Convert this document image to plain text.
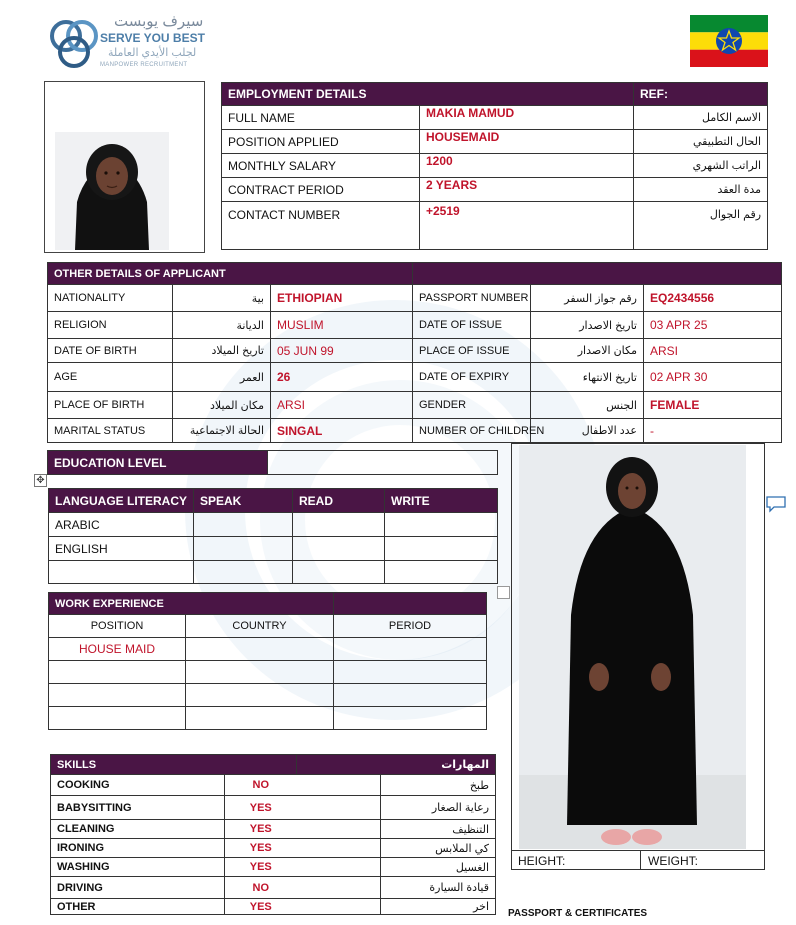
سيرف يوبست
SERVE YOU BEST
لجلب الأيدي العاملة
MANPOWER RECRUITMENT
EMPLOYMENT DETAILS		REF:
FULL NAME	MAKIA MAMUD	الاسم الكامل
POSITION APPLIED	HOUSEMAID	الحال التطبيقي
MONTHLY SALARY	1200	الراتب الشهري
CONTRACT PERIOD	2 YEARS	مدة العقد
CONTACT NUMBER	+2519	رقم الجوال
OTHER DETAILS OF APPLICANT					
NATIONALITY	بية	ETHIOPIAN	PASSPORT NUMBER	رقم جواز السفر	EQ2434556
RELIGION	الديانة	MUSLIM	DATE OF ISSUE	تاريخ الاصدار	03 APR 25
DATE OF BIRTH	تاريخ الميلاد	05 JUN 99	PLACE OF ISSUE	مكان الاصدار	ARSI
AGE	العمر	26	DATE OF EXPIRY	تاريخ الانتهاء	02 APR 30
PLACE OF BIRTH	مكان الميلاد	ARSI	GENDER	الجنس	FEMALE
MARITAL STATUS	الحالة الاجتماعية	SINGAL	NUMBER OF CHILDREN	عدد الاطفال	-
EDUCATION LEVEL	
✥
LANGUAGE LITERACY	SPEAK	READ	WRITE
ARABIC			
ENGLISH			

WORK EXPERIENCE		
POSITION	COUNTRY	PERIOD
HOUSE MAID		

SKILLS		المهارات	
COOKING	NO		طبخ
BABYSITTING	YES		رعاية الصغار
CLEANING	YES		التنظيف
IRONING	YES		كي الملابس
WASHING	YES		الغسيل
DRIVING	NO		قيادة السيارة
OTHER	YES		اخر
HEIGHT:	WEIGHT:
PASSPORT & CERTIFICATES
